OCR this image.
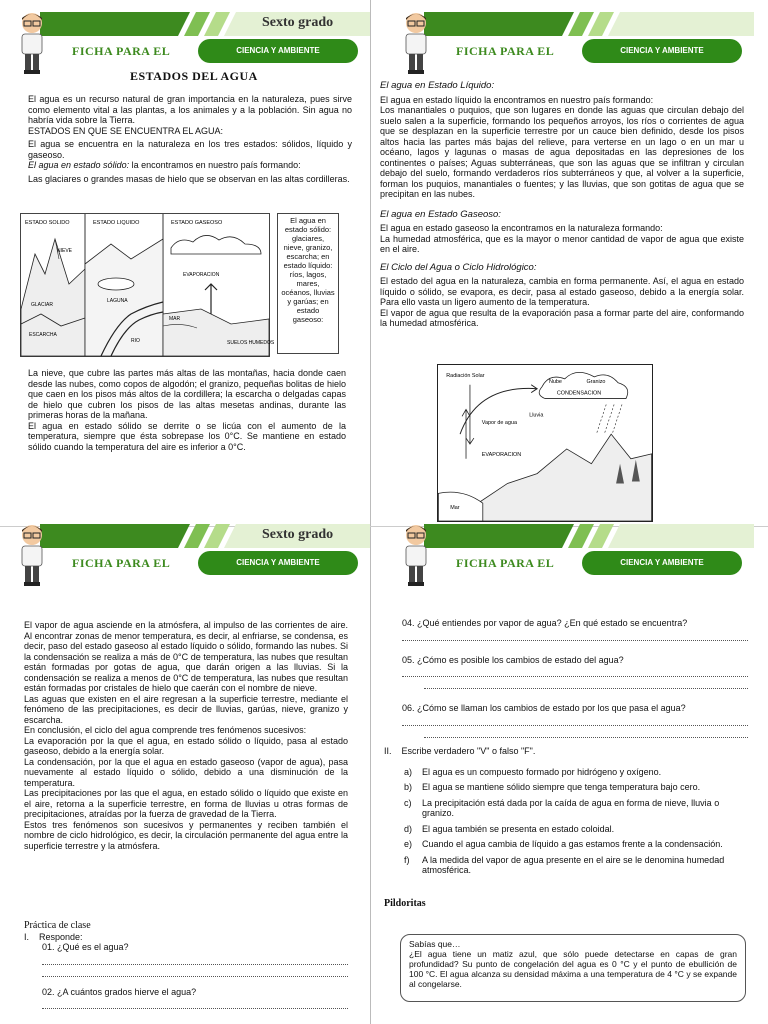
Sexto grado
FICHA PARA EL	CIENCIA Y AMBIENTE
ESTADOS DEL AGUA

El agua es un recurso natural de gran importancia en la naturaleza, pues sirve como elemento vital a las plantas, a los animales y a la población. Sin agua no habría vida sobre la Tierra.

ESTADOS EN QUE SE ENCUENTRA EL AGUA:

El agua se encuentra en la naturaleza en los tres estados: sólidos, líquido y gaseoso.

El agua en estado sólido: la encontramos en nuestro país formando:

Las glaciares o grandes masas de hielo que se observan en las altas cordilleras.

ESTADO SOLIDO	ESTADO LIQUIDO	ESTADO GASEOSO
NIEVE
GLACIAR
ESCARCHA
LAGUNA
RIO
EVAPORACION
MAR
SUELOS HUMEDOS
El agua en estado sólido: glaciares, nieve, granizo, escarcha; en estado líquido: ríos, lagos, mares, océanos, lluvias y garúas; en estado gaseoso:

La nieve, que cubre las partes más altas de las montañas, hacia donde caen desde las nubes, como copos de algodón; el granizo, pequeñas bolitas de hielo que caen en los pisos más altos de la cordillera; la escarcha o delgadas capas de hielo que cubren los pisos de las altas mesetas andinas, durante las primeras horas de la mañana.

El agua en estado sólido se derrite o se licúa con el aumento de la temperatura, siempre que ésta sobrepase los 0°C. Se mantiene en estado sólido cuando la temperatura del aire es inferior a 0°C.

FICHA PARA EL	CIENCIA Y AMBIENTE
El agua en Estado Líquido:

El agua en estado líquido la encontramos en nuestro país formando:

Los manantiales o puquios, que son lugares en donde las aguas que circulan debajo del suelo salen a la superficie, formando los pequeños arroyos, los ríos o corrientes de agua que se desplazan en la superficie terrestre por un cauce bien definido, desde los pisos altos hacia las partes más bajas del relieve, para verterse en un lago o en un mar u océano, lagos y lagunas o masas de agua depositadas en las depresiones de los continentes o países; Aguas subterráneas, que son las aguas que se infiltran y circulan debajo del suelo, formando verdaderos ríos subterráneos y que, al volver a la superficie, forman los puquios, manantiales o fuentes; y las lluvias, que son gotitas de agua que se precipitan en las nubes.

El agua en Estado Gaseoso:

El agua en estado gaseoso la encontramos en la naturaleza formando:

La humedad atmosférica, que es la mayor o menor cantidad de vapor de agua que existe en el aire.

El Ciclo del Agua o Ciclo Hidrológico:

El estado del agua en la naturaleza, cambia en forma permanente. Así, el agua en estado líquido o sólido, se evapora, es decir, pasa al estado gaseoso, debido a la energía solar. Para ello vasta un ligero aumento de la temperatura.

El vapor de agua que resulta de la evaporación pasa a formar parte del aire, conformando la humedad atmosférica.

Radiación Solar
Nube	Granizo
CONDENSACION
Lluvia
Vapor de agua
EVAPORACION
Mar
Sexto grado
FICHA PARA EL	CIENCIA Y AMBIENTE

El vapor de agua asciende en la atmósfera, al impulso de las corrientes de aire. Al encontrar zonas de menor temperatura, es decir, al enfriarse, se condensa, es decir, paso del estado gaseoso al estado líquido o sólido, formando las nubes. Si la condensación se realiza a más de 0°C de temperatura, las nubes que resultan están formadas por gotas de agua, que darán origen a las lluvias. Si la condensación se realiza a menos de 0°C de temperatura, las nubes que resultan están formadas por cristales de hielo que caerán con el nombre de nieve.

Las aguas que existen en el aire regresan a la superficie terrestre, mediante el fenómeno de las precipitaciones, es decir de lluvias, garúas, nieve, granizo y escarcha.

En conclusión, el ciclo del agua comprende tres fenómenos sucesivos:

La evaporación por la que el agua, en estado sólido o líquido, pasa al estado gaseoso, debido a la energía solar.

La condensación, por la que el agua en estado gaseoso (vapor de agua), pasa nuevamente al estado líquido o sólido, debido a una disminución de la temperatura.

Las precipitaciones por las que el agua, en estado sólido o líquido que existe en el aire, retorna a la superficie terrestre, en forma de lluvias u otras formas de precipitaciones, atraídas por la fuerza de gravedad de la Tierra.

Estos tres fenómenos son sucesivos y permanentes y reciben también el nombre de ciclo hidrológico, es decir, la circulación permanente del agua entre la superficie terrestre y la atmósfera.

Práctica de clase
I. Responde:
01. ¿Qué es el agua?
02. ¿A cuántos grados hierve el agua?
FICHA PARA EL	CIENCIA Y AMBIENTE
04. ¿Qué entiendes por vapor de agua? ¿En qué estado se encuentra?
05. ¿Cómo es posible los cambios de estado del agua?
06. ¿Cómo se llaman los cambios de estado por los que pasa el agua?
II. Escribe verdadero "V" o falso "F".
a) El agua es un compuesto formado por hidrógeno y oxígeno.
b) El agua se mantiene sólido siempre que tenga temperatura bajo cero.
c) La precipitación está dada por la caída de agua en forma de nieve, lluvia o granizo.
d) El agua también se presenta en estado coloidal.
e) Cuando el agua cambia de líquido a gas estamos frente a la condensación.
f) A la medida del vapor de agua presente en el aire se le denomina humedad atmosférica.
Pildoritas
Sabías que…
¿El agua tiene un matiz azul, que sólo puede detectarse en capas de gran profundidad? Su punto de congelación del agua es 0 °C y el punto de ebullición de 100 °C. El agua alcanza su densidad máxima a una temperatura de 4 °C y se expande al congelarse.
